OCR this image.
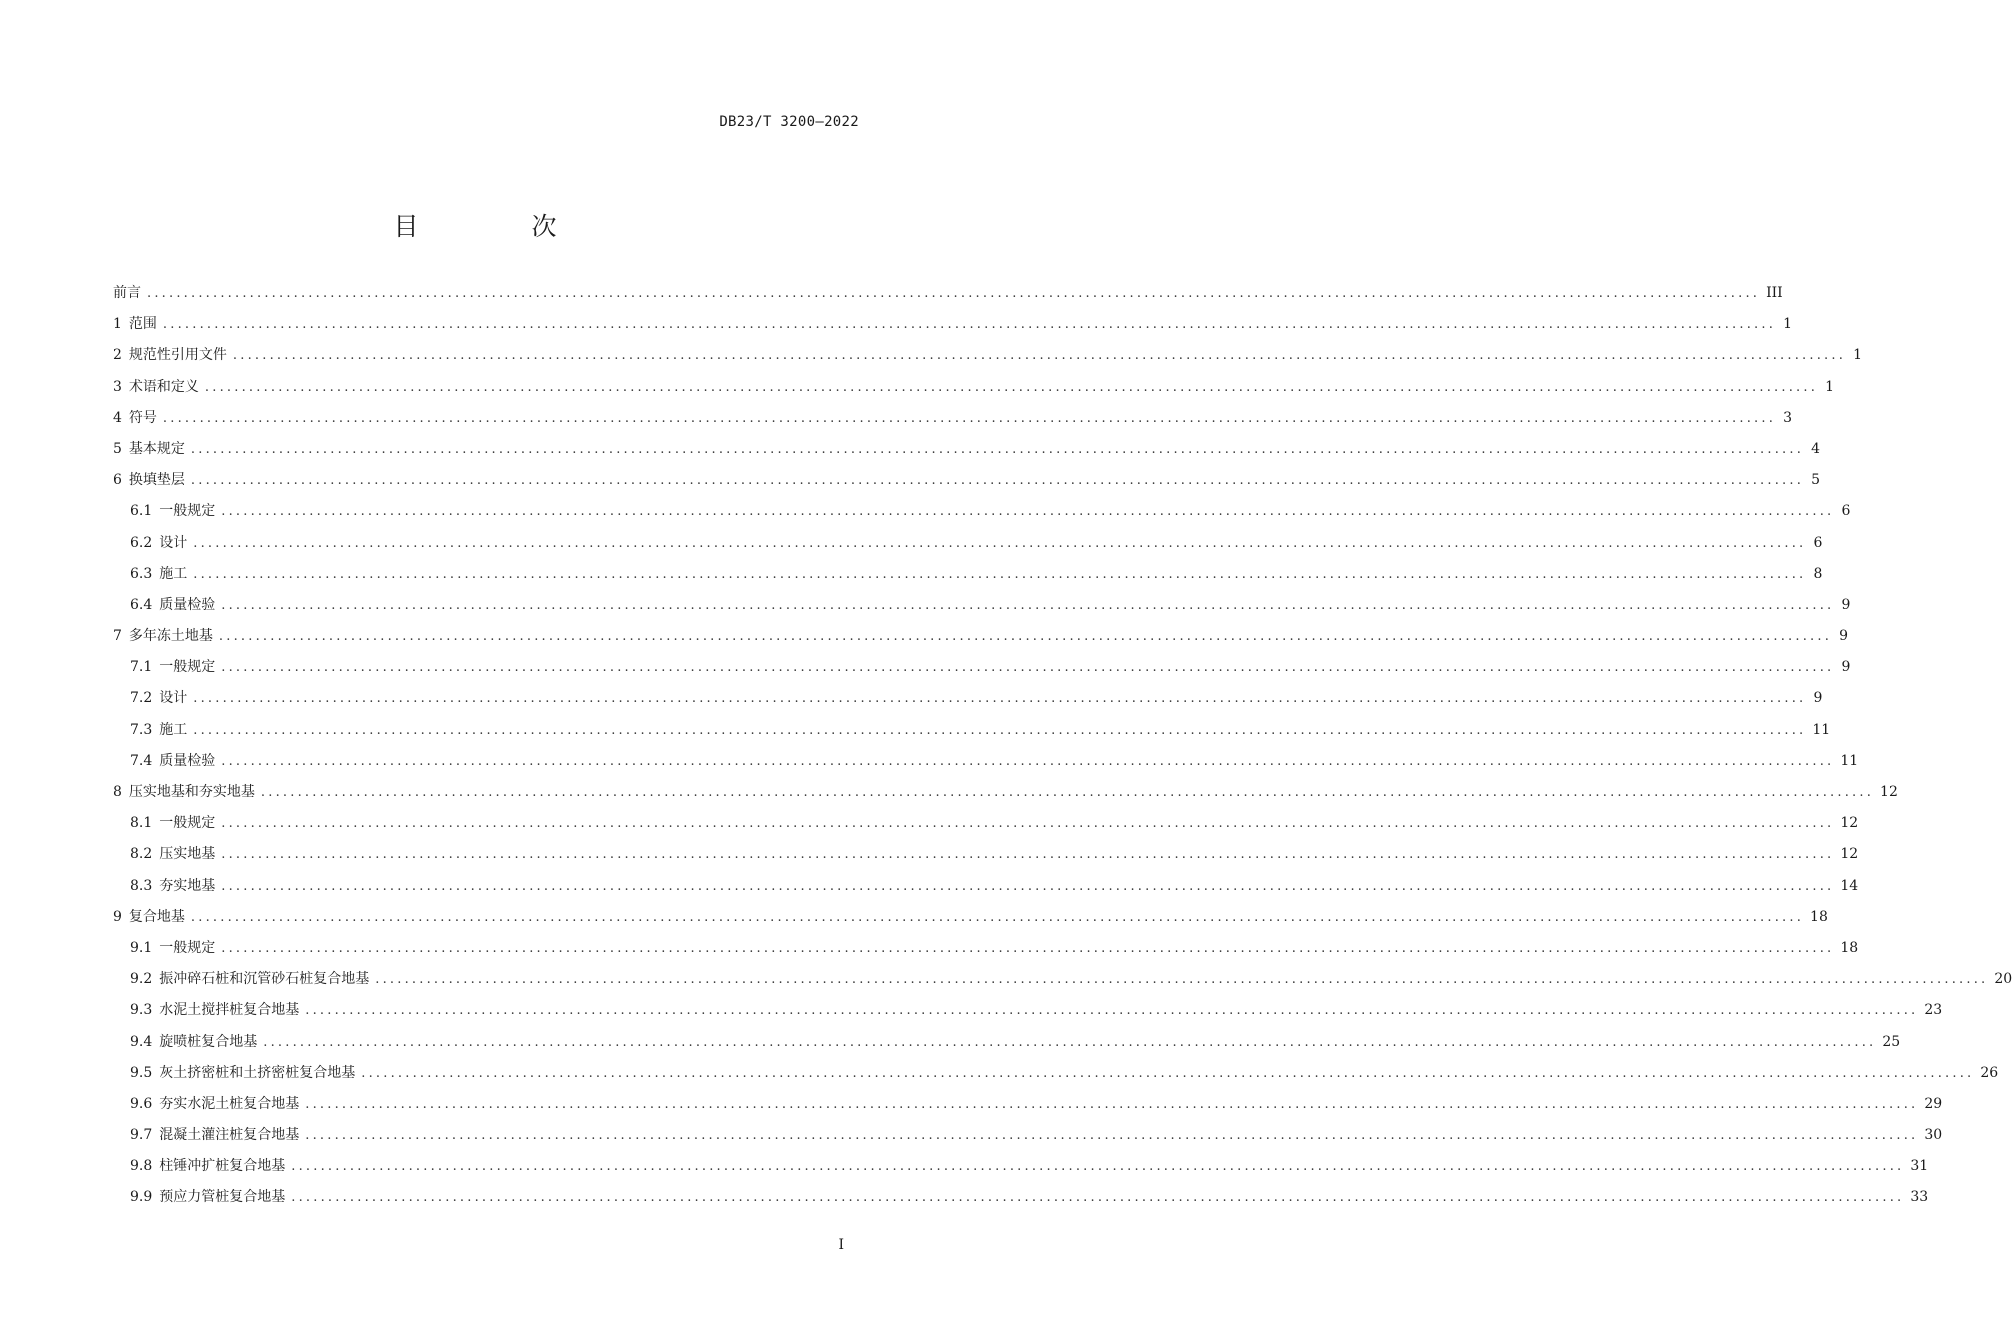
DB23/T 3200—2022
目　次
前言 ............................................................................................................................................................................................................................ III
1 范围 ............................................................................................................................................................................................................................ 1
2 规范性引用文件 ............................................................................................................................................................................................................................ 1
3 术语和定义 ............................................................................................................................................................................................................................ 1
4 符号 ............................................................................................................................................................................................................................ 3
5 基本规定 ............................................................................................................................................................................................................................ 4
6 换填垫层 ............................................................................................................................................................................................................................ 5
6.1 一般规定 ............................................................................................................................................................................................................................ 6
6.2 设计 ............................................................................................................................................................................................................................ 6
6.3 施工 ............................................................................................................................................................................................................................ 8
6.4 质量检验 ............................................................................................................................................................................................................................ 9
7 多年冻土地基 ............................................................................................................................................................................................................................ 9
7.1 一般规定 ............................................................................................................................................................................................................................ 9
7.2 设计 ............................................................................................................................................................................................................................ 9
7.3 施工 ............................................................................................................................................................................................................................ 11
7.4 质量检验 ............................................................................................................................................................................................................................ 11
8 压实地基和夯实地基 ............................................................................................................................................................................................................................ 12
8.1 一般规定 ............................................................................................................................................................................................................................ 12
8.2 压实地基 ............................................................................................................................................................................................................................ 12
8.3 夯实地基 ............................................................................................................................................................................................................................ 14
9 复合地基 ............................................................................................................................................................................................................................ 18
9.1 一般规定 ............................................................................................................................................................................................................................ 18
9.2 振冲碎石桩和沉管砂石桩复合地基 ............................................................................................................................................................................................................................ 20
9.3 水泥土搅拌桩复合地基 ............................................................................................................................................................................................................................ 23
9.4 旋喷桩复合地基 ............................................................................................................................................................................................................................ 25
9.5 灰土挤密桩和土挤密桩复合地基 ............................................................................................................................................................................................................................ 26
9.6 夯实水泥土桩复合地基 ............................................................................................................................................................................................................................ 29
9.7 混凝土灌注桩复合地基 ............................................................................................................................................................................................................................ 30
9.8 柱锤冲扩桩复合地基 ............................................................................................................................................................................................................................ 31
9.9 预应力管桩复合地基 ............................................................................................................................................................................................................................ 33
I
